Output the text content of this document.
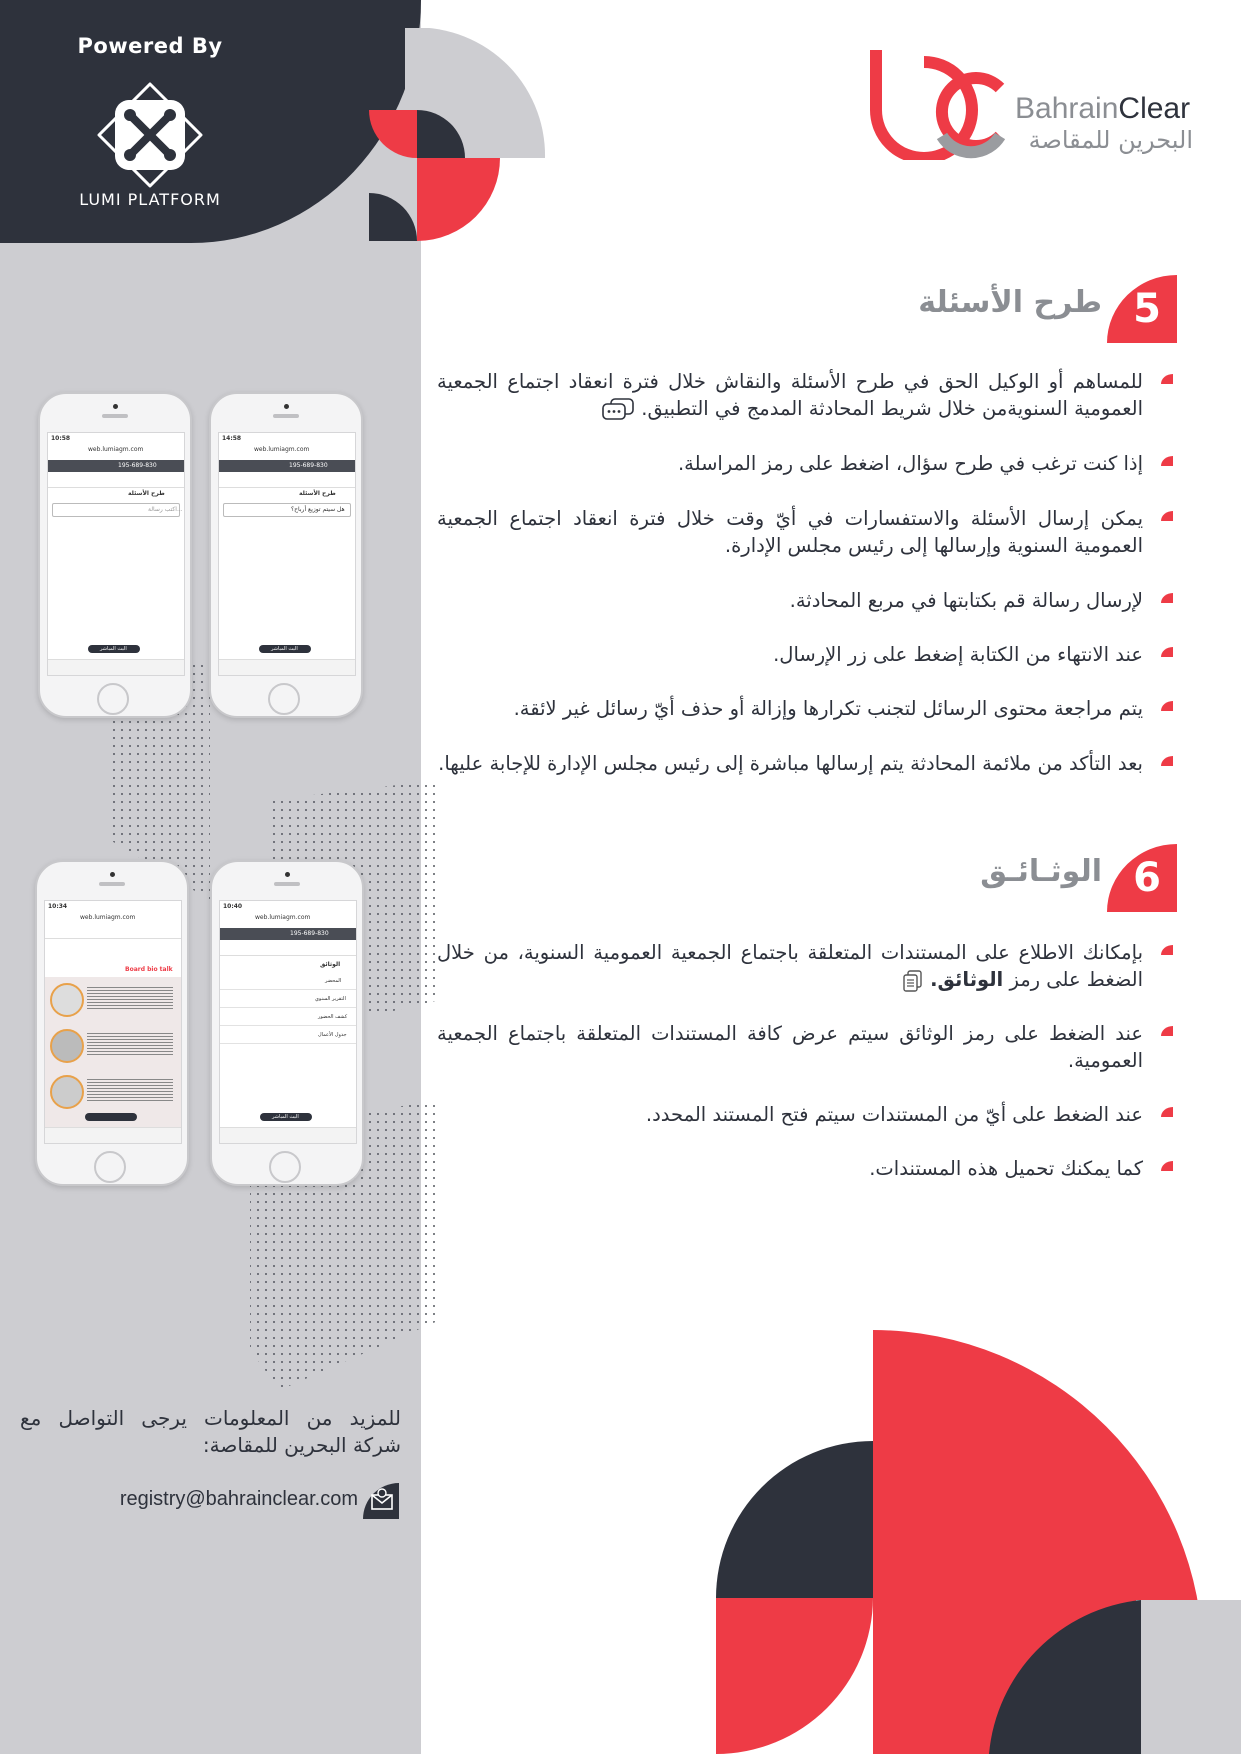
Powered By
LUMI PLATFORM
BahrainClear
البحرين للمقاصة
5
طرح الأسئلة
للمساهم أو الوكيل الحق في طرح الأسئلة والنقاش خلال فترة انعقاد اجتماع الجمعية العمومية السنويةمن خلال شريط المحادثة المدمج في التطبيق.
إذا كنت ترغب في طرح سؤال، اضغط على رمز المراسلة.
يمكن إرسال الأسئلة والاستفسارات في أيّ وقت خلال فترة انعقاد اجتماع الجمعية العمومية السنوية وإرسالها إلى رئيس مجلس الإدارة.
لإرسال رسالة قم بكتابتها في مربع المحادثة.
عند الانتهاء من الكتابة إضغط على زر الإرسال.
يتم مراجعة محتوى الرسائل لتجنب تكرارها وإزالة أو حذف أيّ رسائل غير لائقة.
بعد التأكد من ملائمة المحادثة يتم إرسالها مباشرة إلى رئيس مجلس الإدارة للإجابة عليها.
6
الوثـائـق
بإمكانك الاطلاع على المستندات المتعلقة باجتماع الجمعية العمومية السنوية، من خلال الضغط على رمز الوثائق.
عند الضغط على رمز الوثائق سيتم عرض كافة المستندات المتعلقة باجتماع الجمعية العمومية.
عند الضغط على أيّ من المستندات سيتم فتح المستند المحدد.
كما يمكنك تحميل هذه المستندات.
10:58
web.lumiagm.com
195-689-830
طرح الأسئلة
اكتب رسالة...
البث المباشر
14:58
web.lumiagm.com
195-689-830
طرح الأسئلة
هل سيتم توزيع أرباح؟
البث المباشر
10:34
web.lumiagm.com
Board bio talk
10:40
web.lumiagm.com
195-689-830
الوثائق
المحضر
التقرير السنوي
كشف الحضور
جدول الأعمال
البث المباشر
للمزيد من المعلومات يرجى التواصل مع شركة البحرين للمقاصة:
registry@bahrainclear.com
